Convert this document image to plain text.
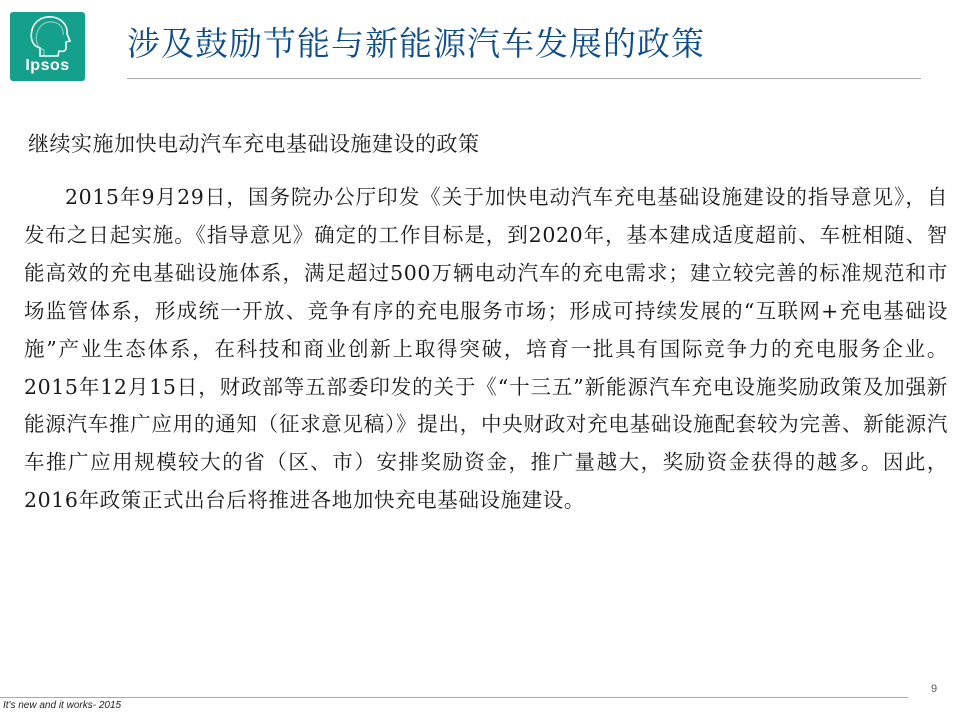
Ipsos
涉及鼓励节能与新能源汽车发展的政策
继续实施加快电动汽车充电基础设施建设的政策

2015年9月29日，国务院办公厅印发《关于加快电动汽车充电基础设施建设的指导意见》，自发布之日起实施。《指导意见》确定的工作目标是，到2020年，基本建成适度超前、车桩相随、智能高效的充电基础设施体系，满足超过500万辆电动汽车的充电需求；建立较完善的标准规范和市场监管体系，形成统一开放、竞争有序的充电服务市场；形成可持续发展的“互联网+充电基础设施”产业生态体系，在科技和商业创新上取得突破，培育一批具有国际竞争力的充电服务企业。2015年12月15日，财政部等五部委印发的关于《“十三五”新能源汽车充电设施奖励政策及加强新能源汽车推广应用的通知（征求意见稿）》提出，中央财政对充电基础设施配套较为完善、新能源汽车推广应用规模较大的省（区、市）安排奖励资金，推广量越大，奖励资金获得的越多。因此，2016年政策正式出台后将推进各地加快充电基础设施建设。

9
It's new and it works- 2015
